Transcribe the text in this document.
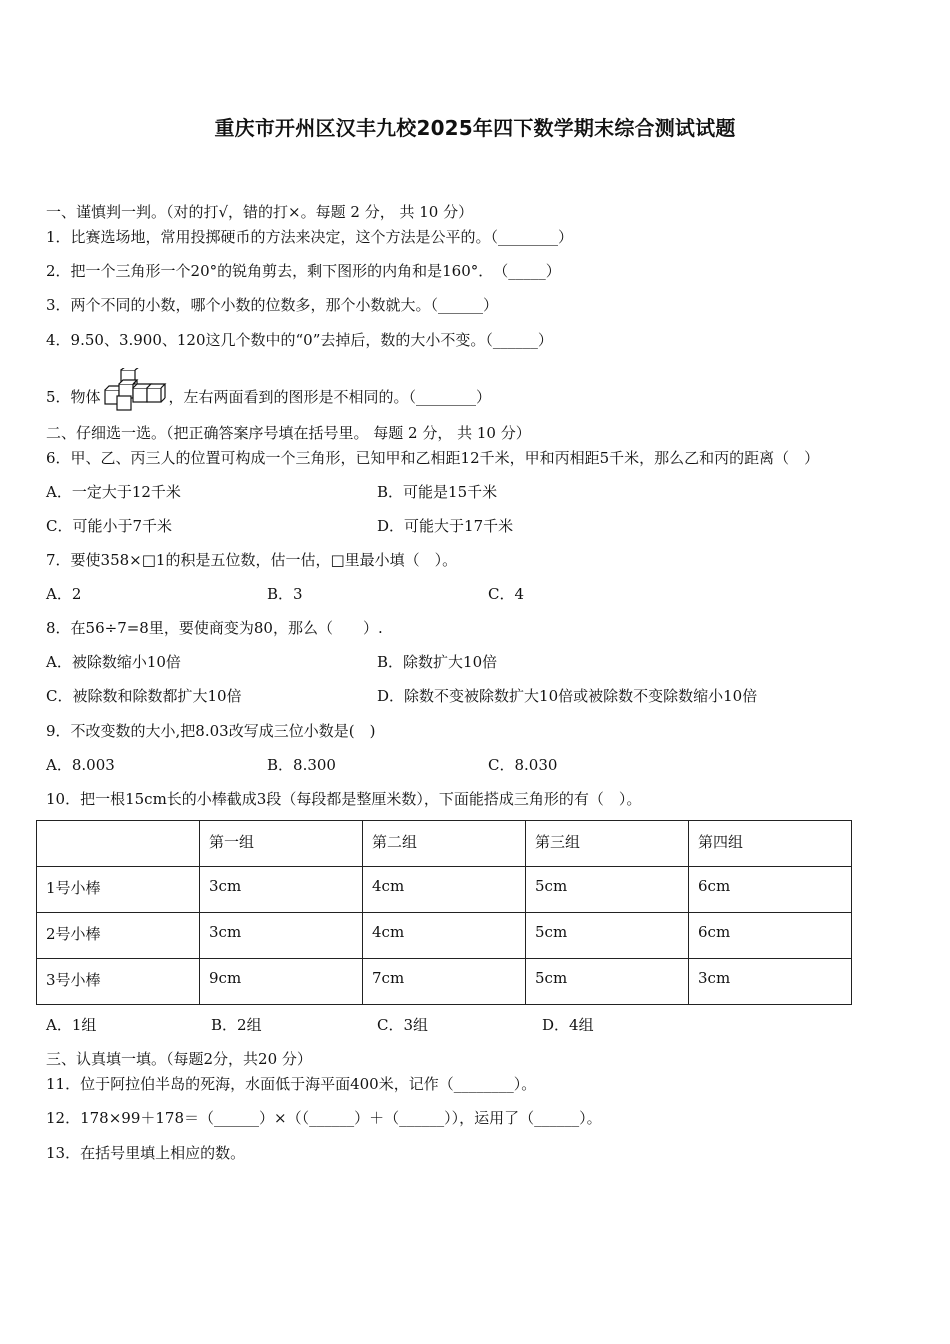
重庆市开州区汉丰九校2025年四下数学期末综合测试试题
一、谨慎判一判。（对的打√，错的打×。每题 2 分， 共 10 分）
1．比赛选场地，常用投掷硬币的方法来决定，这个方法是公平的。（________）
2．把一个三角形一个20°的锐角剪去，剩下图形的内角和是160°．　（_____）
3．两个不同的小数，哪个小数的位数多，那个小数就大。（______）
4．9.50、3.900、120这几个数中的“0”去掉后，数的大小不变。（______）
5．物体	，左右两面看到的图形是不相同的。（________）
二、仔细选一选。（把正确答案序号填在括号里。 每题 2 分， 共 10 分）
6．甲、乙、丙三人的位置可构成一个三角形，已知甲和乙相距12千米，甲和丙相距5千米，那么乙和丙的距离（　）
A．一定大于12千米	B．可能是15千米
C．可能小于7千米	D．可能大于17千米
7．要使358×□1的积是五位数，估一估，□里最小填（　）。
A．2	B．3	C．4
8．在56÷7=8里，要使商变为80，那么（　　）.
A．被除数缩小10倍	B．除数扩大10倍
C．被除数和除数都扩大10倍	D．除数不变被除数扩大10倍或被除数不变除数缩小10倍
9．不改变数的大小,把8.03改写成三位小数是(　)
A．8.003	B．8.300	C．8.030
10．把一根15cm长的小棒截成3段（每段都是整厘米数），下面能搭成三角形的有（　）。
	第一组	第二组	第三组	第四组
1号小棒	3cm	4cm	5cm	6cm
2号小棒	3cm	4cm	5cm	6cm
3号小棒	9cm	7cm	5cm	3cm
A．1组	B．2组	C．3组	D．4组
三、认真填一填。（每题2分，共20 分）
11．位于阿拉伯半岛的死海，水面低于海平面400米，记作（________）。
12．178×99＋178＝（______）×（（______）＋（______）），运用了（______）。
13．在括号里填上相应的数。
